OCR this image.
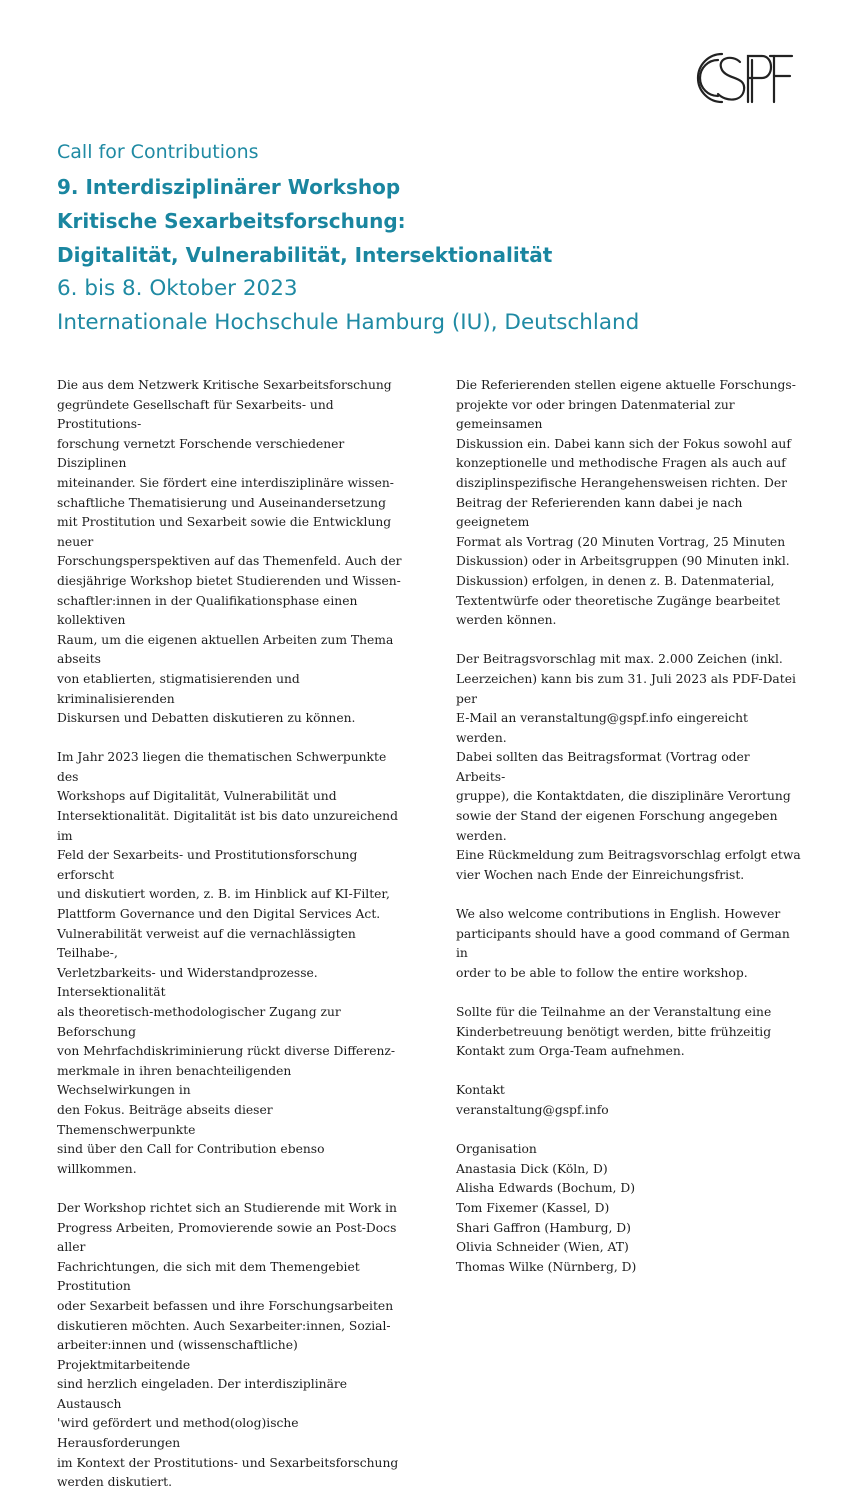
Call for Contributions
9. Interdisziplinärer Workshop
Kritische Sexarbeitsforschung:
Digitalität, Vulnerabilität, Intersektionalität
6. bis 8. Oktober 2023
Internationale Hochschule Hamburg (IU), Deutschland

Die aus dem Netzwerk Kritische Sexarbeitsforschung
gegründete Gesellschaft für Sexarbeits- und Prostitutions-
forschung vernetzt Forschende verschiedener Disziplinen
miteinander. Sie fördert eine interdisziplinäre wissen-
schaftliche Thematisierung und Auseinandersetzung
mit Prostitution und Sexarbeit sowie die Entwicklung neuer
Forschungsperspektiven auf das Themenfeld. Auch der
diesjährige Workshop bietet Studierenden und Wissen-
schaftler:innen in der Qualifikationsphase einen kollektiven
Raum, um die eigenen aktuellen Arbeiten zum Thema abseits
von etablierten, stigmatisierenden und kriminalisierenden
Diskursen und Debatten diskutieren zu können.

Im Jahr 2023 liegen die thematischen Schwerpunkte des
Workshops auf Digitalität, Vulnerabilität und
Intersektionalität. Digitalität ist bis dato unzureichend im
Feld der Sexarbeits- und Prostitutionsforschung erforscht
und diskutiert worden, z. B. im Hinblick auf KI-Filter,
Plattform Governance und den Digital Services Act.
Vulnerabilität verweist auf die vernachlässigten Teilhabe-,
Verletzbarkeits- und Widerstandprozesse. Intersektionalität
als theoretisch-methodologischer Zugang zur Beforschung
von Mehrfachdiskriminierung rückt diverse Differenz-
merkmale in ihren benachteiligenden Wechselwirkungen in
den Fokus. Beiträge abseits dieser Themenschwerpunkte
sind über den Call for Contribution ebenso willkommen.

Der Workshop richtet sich an Studierende mit Work in
Progress Arbeiten, Promovierende sowie an Post-Docs aller
Fachrichtungen, die sich mit dem Themengebiet Prostitution
oder Sexarbeit befassen und ihre Forschungsarbeiten
diskutieren möchten. Auch Sexarbeiter:innen, Sozial-
arbeiter:innen und (wissenschaftliche) Projektmitarbeitende
sind herzlich eingeladen. Der interdisziplinäre Austausch
'wird gefördert und method(olog)ische Herausforderungen
im Kontext der Prostitutions- und Sexarbeitsforschung
werden diskutiert.

Die Referierenden stellen eigene aktuelle Forschungs-
projekte vor oder bringen Datenmaterial zur gemeinsamen
Diskussion ein. Dabei kann sich der Fokus sowohl auf
konzeptionelle und methodische Fragen als auch auf
disziplinspezifische Herangehensweisen richten. Der
Beitrag der Referierenden kann dabei je nach geeignetem
Format als Vortrag (20 Minuten Vortrag, 25 Minuten
Diskussion) oder in Arbeitsgruppen (90 Minuten inkl.
Diskussion) erfolgen, in denen z. B. Datenmaterial,
Textentwürfe oder theoretische Zugänge bearbeitet
werden können.

Der Beitragsvorschlag mit max. 2.000 Zeichen (inkl.
Leerzeichen) kann bis zum 31. Juli 2023 als PDF-Datei per
E-Mail an veranstaltung@gspf.info eingereicht werden.
Dabei sollten das Beitragsformat (Vortrag oder Arbeits-
gruppe), die Kontaktdaten, die disziplinäre Verortung
sowie der Stand der eigenen Forschung angegeben werden.
Eine Rückmeldung zum Beitragsvorschlag erfolgt etwa
vier Wochen nach Ende der Einreichungsfrist.

We also welcome contributions in English. However
participants should have a good command of German in
order to be able to follow the entire workshop.

Sollte für die Teilnahme an der Veranstaltung eine
Kinderbetreuung benötigt werden, bitte frühzeitig
Kontakt zum Orga-Team aufnehmen.

Kontakt

veranstaltung@gspf.info

Organisation
Anastasia Dick (Köln, D)
Alisha Edwards (Bochum, D)
Tom Fixemer (Kassel, D)
Shari Gaffron (Hamburg, D)
Olivia Schneider (Wien, AT)
Thomas Wilke (Nürnberg, D)
